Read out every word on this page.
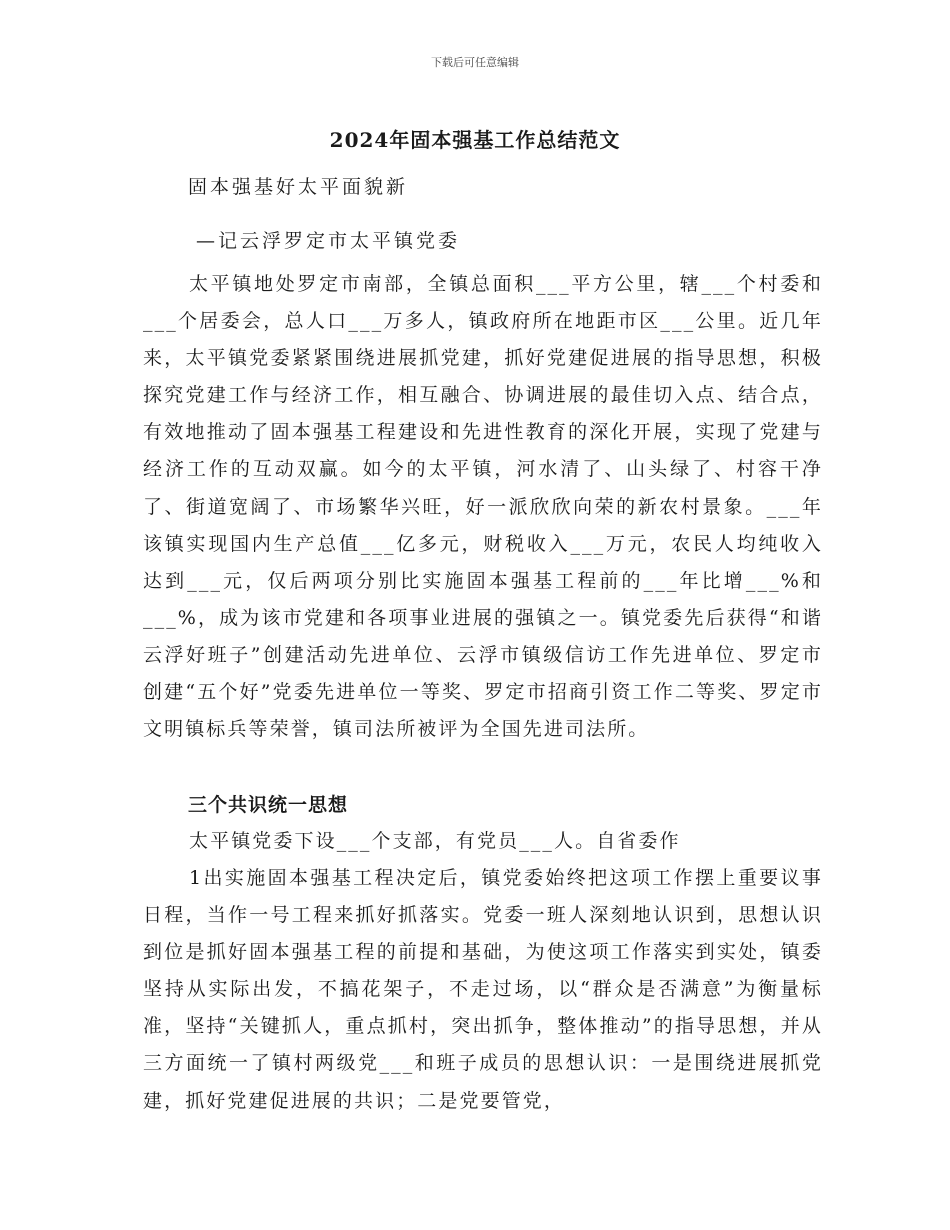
下载后可任意编辑
2024年固本强基工作总结范文
固本强基好太平面貌新
—记云浮罗定市太平镇党委
太平镇地处罗定市南部，全镇总面积___平方公里，辖___个村委和___个居委会，总人口___万多人，镇政府所在地距市区___公里。近几年来，太平镇党委紧紧围绕进展抓党建，抓好党建促进展的指导思想，积极探究党建工作与经济工作，相互融合、协调进展的最佳切入点、结合点，有效地推动了固本强基工程建设和先进性教育的深化开展，实现了党建与经济工作的互动双赢。如今的太平镇，河水清了、山头绿了、村容干净了、街道宽阔了、市场繁华兴旺，好一派欣欣向荣的新农村景象。___年该镇实现国内生产总值___亿多元，财税收入___万元，农民人均纯收入达到___元，仅后两项分别比实施固本强基工程前的___年比增___%和___%，成为该市党建和各项事业进展的强镇之一。镇党委先后获得“和谐云浮好班子”创建活动先进单位、云浮市镇级信访工作先进单位、罗定市创建“五个好”党委先进单位一等奖、罗定市招商引资工作二等奖、罗定市文明镇标兵等荣誉，镇司法所被评为全国先进司法所。
三个共识统一思想
太平镇党委下设___个支部，有党员___人。自省委作
1出实施固本强基工程决定后，镇党委始终把这项工作摆上重要议事日程，当作一号工程来抓好抓落实。党委一班人深刻地认识到，思想认识到位是抓好固本强基工程的前提和基础，为使这项工作落实到实处，镇委坚持从实际出发，不搞花架子，不走过场，以“群众是否满意”为衡量标准，坚持“关键抓人，重点抓村，突出抓争，整体推动”的指导思想，并从三方面统一了镇村两级党___和班子成员的思想认识：一是围绕进展抓党建，抓好党建促进展的共识；二是党要管党，
